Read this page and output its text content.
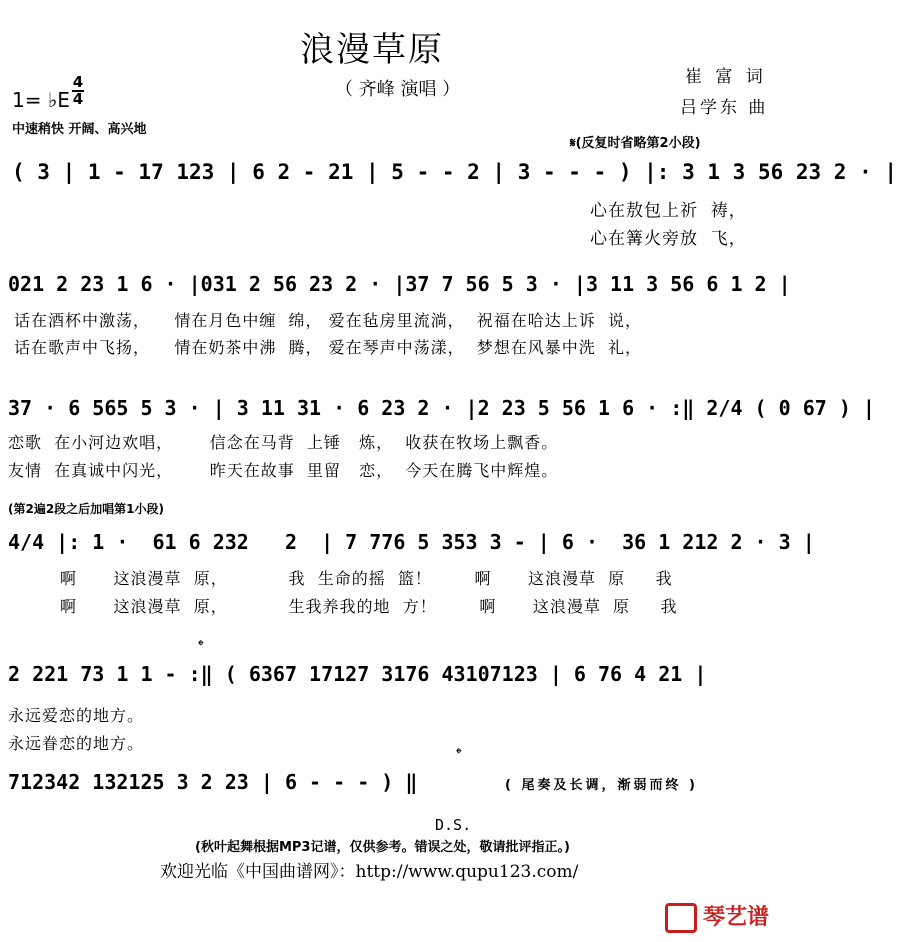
浪漫草原
（ 齐峰 演唱 ）
崔 富 词
吕学东 曲
1= ♭E
4
4
中速稍快 开阔、高兴地
𝄋(反复时省略第2小段)
( 3 | 1 - 17 123 | 6 2 - 21 | 5 - - 2 | 3 - - - ) |: 3 1 3 56 23 2 · |
心在敖包上祈  祷，
心在篝火旁放  飞，
021 2 23 1 6 · |031 2 56 23 2 · |37 7 56 5 3 · |3 11 3 56 6 1 2 |
话在酒杯中激荡，    情在月色中缠  绵， 爱在毡房里流淌，  祝福在哈达上诉  说，
话在歌声中飞扬，    情在奶茶中沸  腾， 爱在琴声中荡漾，  梦想在风暴中洗  礼，
37 · 6 565 5 3 · | 3 11 31 · 6 23 2 · |2 23 5 56 1 6 · :‖ 2/4 ( 0 67 ) |
恋歌  在小河边欢唱，      信念在马背  上锤   炼，  收获在牧场上飘香。
友情  在真诚中闪光，      昨天在故事  里留   恋，  今天在腾飞中辉煌。
(第2遍2段之后加唱第1小段)
4/4 |: 1 ·  61 6 232   2  | 7 776 5 353 3 - | 6 ·  36 1 212 2 · 3 |
啊      这浪漫草  原，          我  生命的摇  篮！       啊      这浪漫草  原     我
啊      这浪漫草  原，          生我养我的地  方！       啊      这浪漫草  原     我
𝄌
2 221 73 1 1 - :‖ ( 6367 17127 3176 43107123 | 6 76 4 21 |
永远爱恋的地方。
永远眷恋的地方。
𝄌
712342 132125 3 2 23 | 6 - - - ) ‖	( 尾奏及长调，渐弱而终 )
D.S.
(秋叶起舞根据MP3记谱，仅供参考。错误之处，敬请批评指正。)
欢迎光临《中国曲谱网》：http://www.qupu123.com/
琴艺谱
